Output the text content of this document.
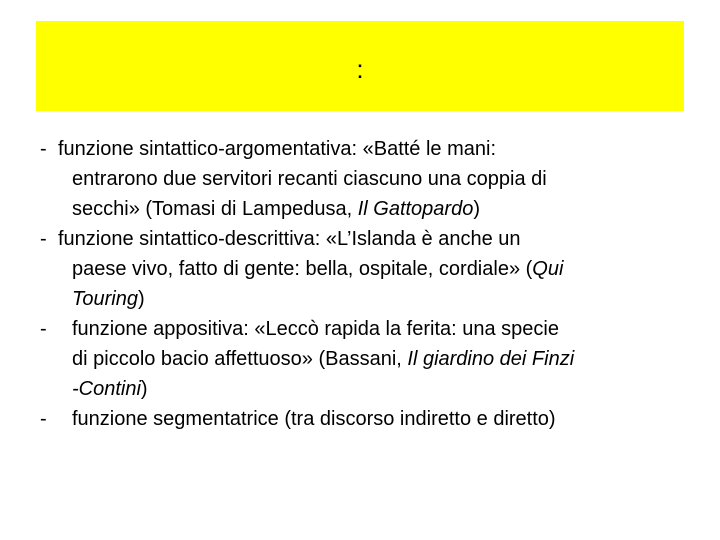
:
- funzione sintattico-argomentativa: «Batté le mani:
entrarono due servitori recanti ciascuno una coppia di
secchi» (Tomasi di Lampedusa, Il Gattopardo)
- funzione sintattico-descrittiva: «L’Islanda è anche un
paese vivo, fatto di gente: bella, ospitale, cordiale» (Qui
Touring)
- funzione appositiva: «Leccò rapida la ferita: una specie
di piccolo bacio affettuoso» (Bassani, Il giardino dei Finzi
-Contini)
- funzione segmentatrice (tra discorso indiretto e diretto)
